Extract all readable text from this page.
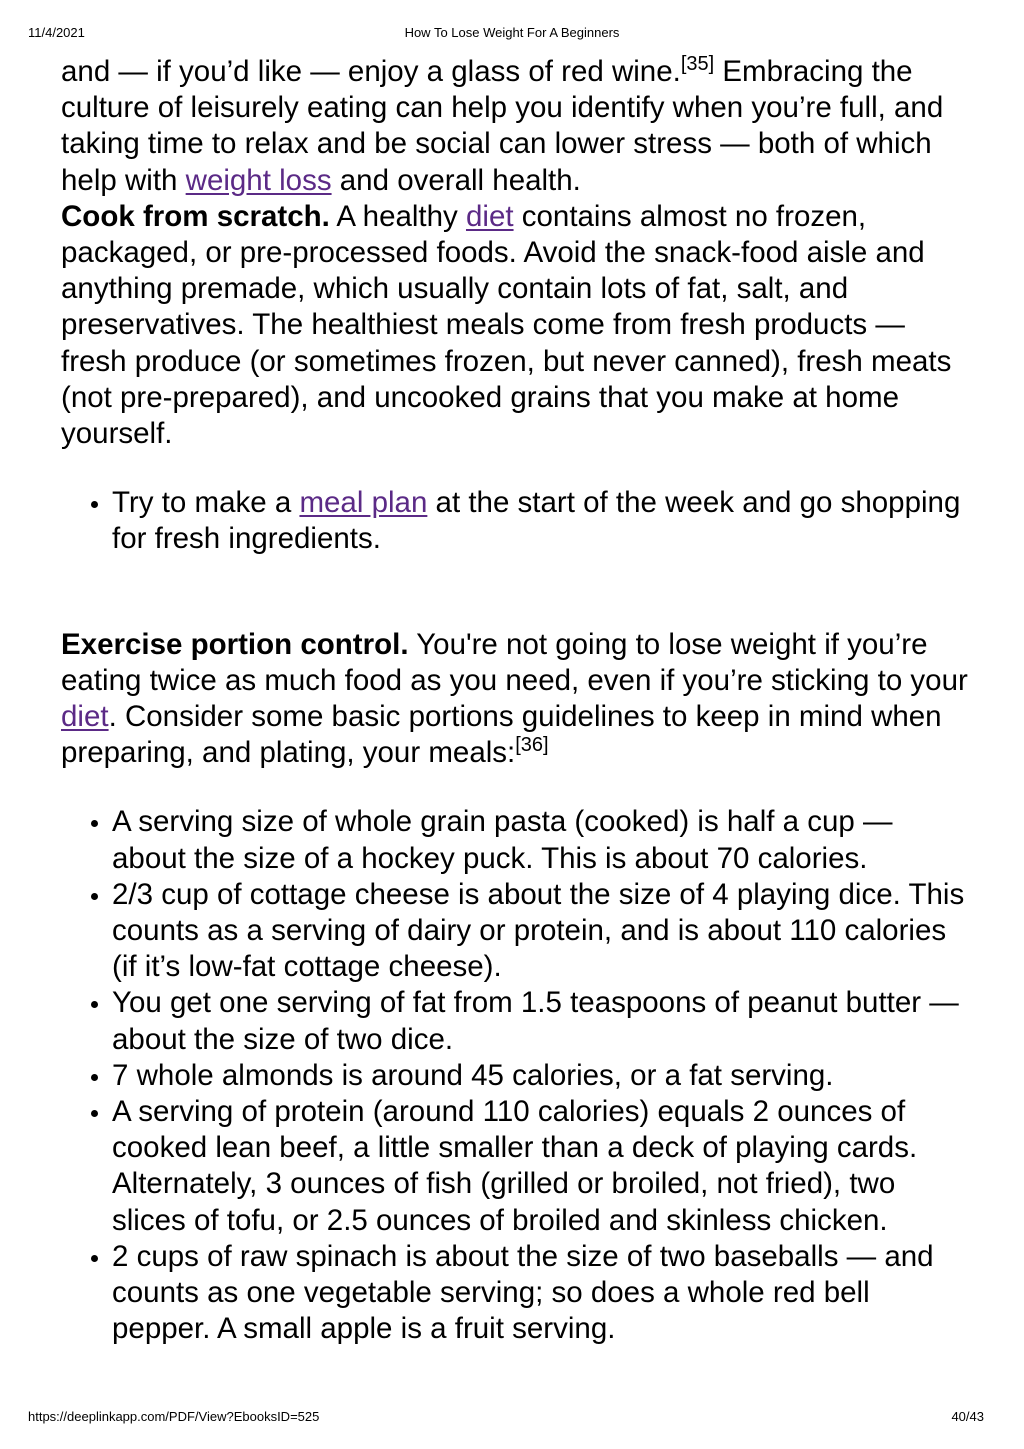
11/4/2021	How To Lose Weight For A Beginners

and — if you’d like — enjoy a glass of red wine.[35] Embracing the culture of leisurely eating can help you identify when you’re full, and taking time to relax and be social can lower stress — both of which help with weight loss and overall health.

Cook from scratch. A healthy diet contains almost no frozen, packaged, or pre-processed foods. Avoid the snack-food aisle and anything premade, which usually contain lots of fat, salt, and preservatives. The healthiest meals come from fresh products — fresh produce (or sometimes frozen, but never canned), fresh meats (not pre-prepared), and uncooked grains that you make at home yourself.

• Try to make a meal plan at the start of the week and go shopping for fresh ingredients.

Exercise portion control. You're not going to lose weight if you’re eating twice as much food as you need, even if you’re sticking to your diet. Consider some basic portions guidelines to keep in mind when preparing, and plating, your meals:[36]

• A serving size of whole grain pasta (cooked) is half a cup — about the size of a hockey puck. This is about 70 calories.
• 2/3 cup of cottage cheese is about the size of 4 playing dice. This counts as a serving of dairy or protein, and is about 110 calories (if it’s low-fat cottage cheese).
• You get one serving of fat from 1.5 teaspoons of peanut butter — about the size of two dice.
• 7 whole almonds is around 45 calories, or a fat serving.
• A serving of protein (around 110 calories) equals 2 ounces of cooked lean beef, a little smaller than a deck of playing cards. Alternately, 3 ounces of fish (grilled or broiled, not fried), two slices of tofu, or 2.5 ounces of broiled and skinless chicken.
• 2 cups of raw spinach is about the size of two baseballs — and counts as one vegetable serving; so does a whole red bell pepper. A small apple is a fruit serving.
https://deeplinkapp.com/PDF/View?EbooksID=525	40/43
